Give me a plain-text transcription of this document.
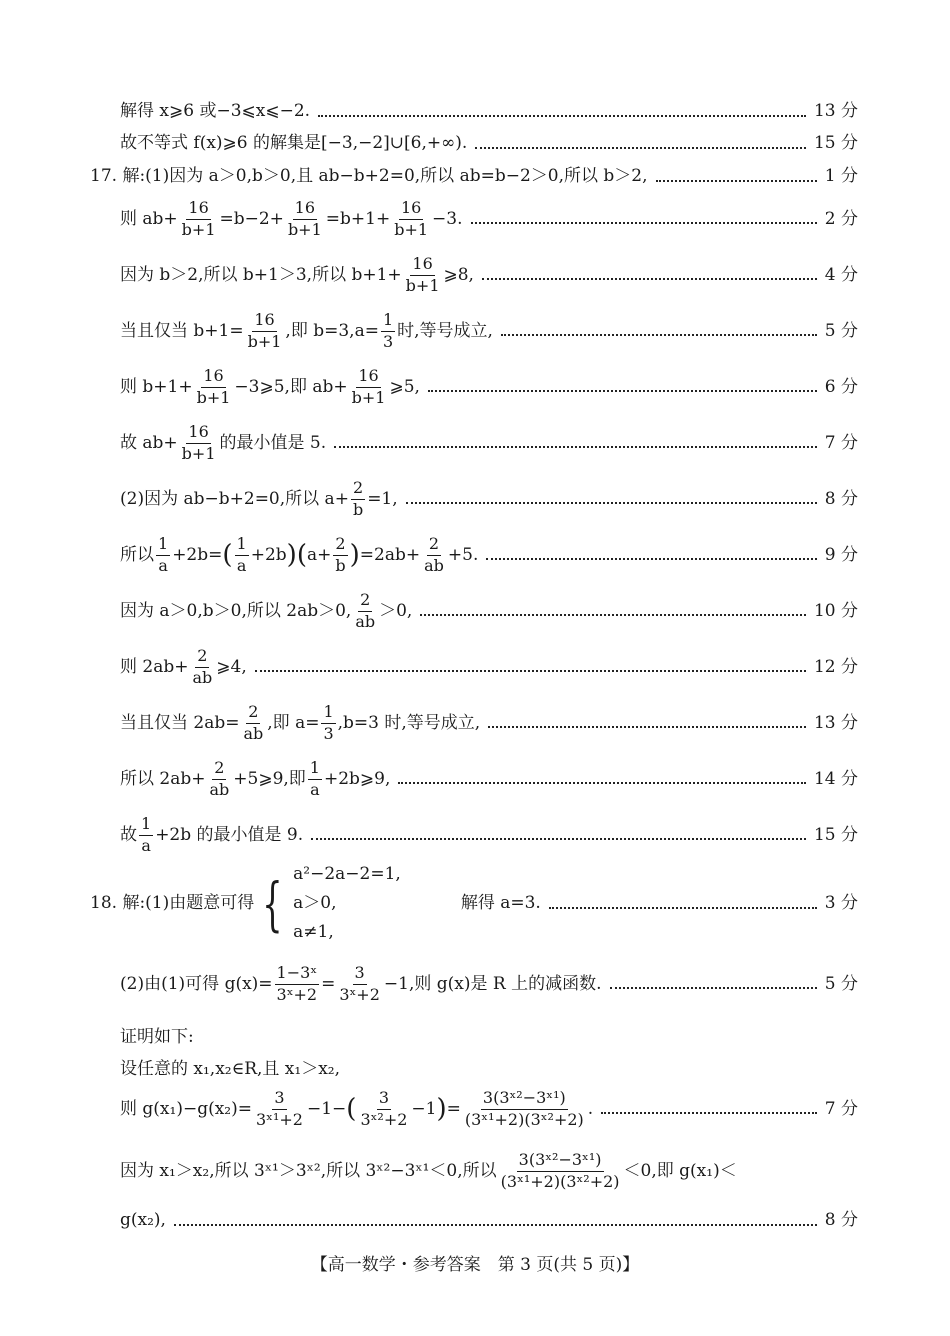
解得 x⩾6 或−3⩽x⩽−2.	13 分
故不等式 f(x)⩾6 的解集是[−3,−2]∪[6,+∞).	15 分
17. 解:(1)因为 a＞0,b＞0,且 ab−b+2=0,所以 ab=b−2＞0,所以 b＞2,	1 分
则 $ab+ \frac{16}{b+1} =b-2+ \frac{16}{b+1} =b+1+ \frac{16}{b+1} -3$.	2 分
因为 b＞2,所以 b+1＞3,所以 $b+1+ \frac{16}{b+1}$ ⩾8,	4 分
当且仅当 $b+1= \frac{16}{b+1}$ ,即 $b=3,a= \frac{1}{3}$ 时,等号成立,	5 分
则 $b+1+ \frac{16}{b+1}$ −3⩾5,即 $ab+ \frac{16}{b+1}$ ⩾5,	6 分
故 $ab+ \frac{16}{b+1}$ 的最小值是 5.	7 分
(2)因为 ab−b+2=0,所以 $a+ \frac{2}{b} =1$,	8 分
所以 $\frac{1}{a} +2b=$ ( $\frac{1}{a} +2b$ ) ( $a+ \frac{2}{b}$ ) $=2ab+ \frac{2}{ab} +5$.	9 分
因为 a＞0,b＞0,所以 2ab＞0, $\frac{2}{ab} >0$,	10 分
则 $2ab+ \frac{2}{ab}$ ⩾4,	12 分
当且仅当 $2ab= \frac{2}{ab}$ ,即 $a= \frac{1}{3} ,b=3$ 时,等号成立,	13 分
所以 $2ab+ \frac{2}{ab}$ +5⩾9,即 $\frac{1}{a}$ +2b⩾9,	14 分
故 $\frac{1}{a} +2b$ 的最小值是 9.	15 分
18. 解:(1)由题意可得 { a²−2a−2=1,
a＞0,
a≠1,
解得 a=3.	3 分
(2)由(1)可得 $g(x)= \frac{\text{1−3ˣ}}{\text{3ˣ+2}} = \frac{3}{\text{3ˣ+2}} -1$,则 g(x)是 R 上的减函数.	5 分
证明如下:
设任意的 x₁,x₂∈R,且 x₁＞x₂,
则 $g(x_1)-g(x_2)= \frac{3}{\text{3ˣ¹+2}} -1-$ ( $\frac{3}{\text{3ˣ²+2}} -1$ ) = $\frac{\text{3(3ˣ²−3ˣ¹)}}{\text{(3ˣ¹+2)(3ˣ²+2)}}$ .	7 分
因为 x₁＞x₂,所以 3ˣ¹＞3ˣ²,所以 3ˣ²−3ˣ¹＜0,所以 $\frac{\text{3(3ˣ²−3ˣ¹)}}{\text{(3ˣ¹+2)(3ˣ²+2)}} <0$,即 g(x₁)＜
g(x₂),	8 分
【高一数学・参考答案　第 3 页(共 5 页)】
